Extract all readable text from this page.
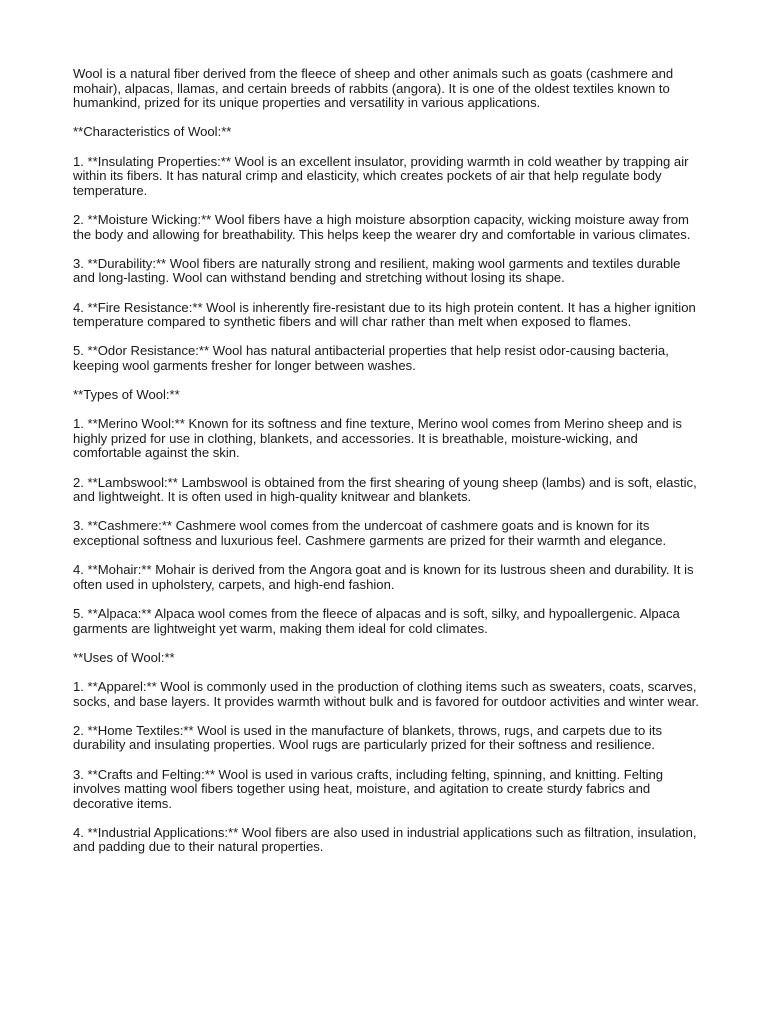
Wool is a natural fiber derived from the fleece of sheep and other animals such as goats (cashmere and mohair), alpacas, llamas, and certain breeds of rabbits (angora). It is one of the oldest textiles known to humankind, prized for its unique properties and versatility in various applications.

**Characteristics of Wool:**

1. **Insulating Properties:** Wool is an excellent insulator, providing warmth in cold weather by trapping air within its fibers. It has natural crimp and elasticity, which creates pockets of air that help regulate body temperature.

2. **Moisture Wicking:** Wool fibers have a high moisture absorption capacity, wicking moisture away from the body and allowing for breathability. This helps keep the wearer dry and comfortable in various climates.

3. **Durability:** Wool fibers are naturally strong and resilient, making wool garments and textiles durable and long-lasting. Wool can withstand bending and stretching without losing its shape.

4. **Fire Resistance:** Wool is inherently fire-resistant due to its high protein content. It has a higher ignition temperature compared to synthetic fibers and will char rather than melt when exposed to flames.

5. **Odor Resistance:** Wool has natural antibacterial properties that help resist odor-causing bacteria, keeping wool garments fresher for longer between washes.

**Types of Wool:**

1. **Merino Wool:** Known for its softness and fine texture, Merino wool comes from Merino sheep and is highly prized for use in clothing, blankets, and accessories. It is breathable, moisture-wicking, and comfortable against the skin.

2. **Lambswool:** Lambswool is obtained from the first shearing of young sheep (lambs) and is soft, elastic, and lightweight. It is often used in high-quality knitwear and blankets.

3. **Cashmere:** Cashmere wool comes from the undercoat of cashmere goats and is known for its exceptional softness and luxurious feel. Cashmere garments are prized for their warmth and elegance.

4. **Mohair:** Mohair is derived from the Angora goat and is known for its lustrous sheen and durability. It is often used in upholstery, carpets, and high-end fashion.

5. **Alpaca:** Alpaca wool comes from the fleece of alpacas and is soft, silky, and hypoallergenic. Alpaca garments are lightweight yet warm, making them ideal for cold climates.

**Uses of Wool:**

1. **Apparel:** Wool is commonly used in the production of clothing items such as sweaters, coats, scarves, socks, and base layers. It provides warmth without bulk and is favored for outdoor activities and winter wear.

2. **Home Textiles:** Wool is used in the manufacture of blankets, throws, rugs, and carpets due to its durability and insulating properties. Wool rugs are particularly prized for their softness and resilience.

3. **Crafts and Felting:** Wool is used in various crafts, including felting, spinning, and knitting. Felting involves matting wool fibers together using heat, moisture, and agitation to create sturdy fabrics and decorative items.

4. **Industrial Applications:** Wool fibers are also used in industrial applications such as filtration, insulation, and padding due to their natural properties.
